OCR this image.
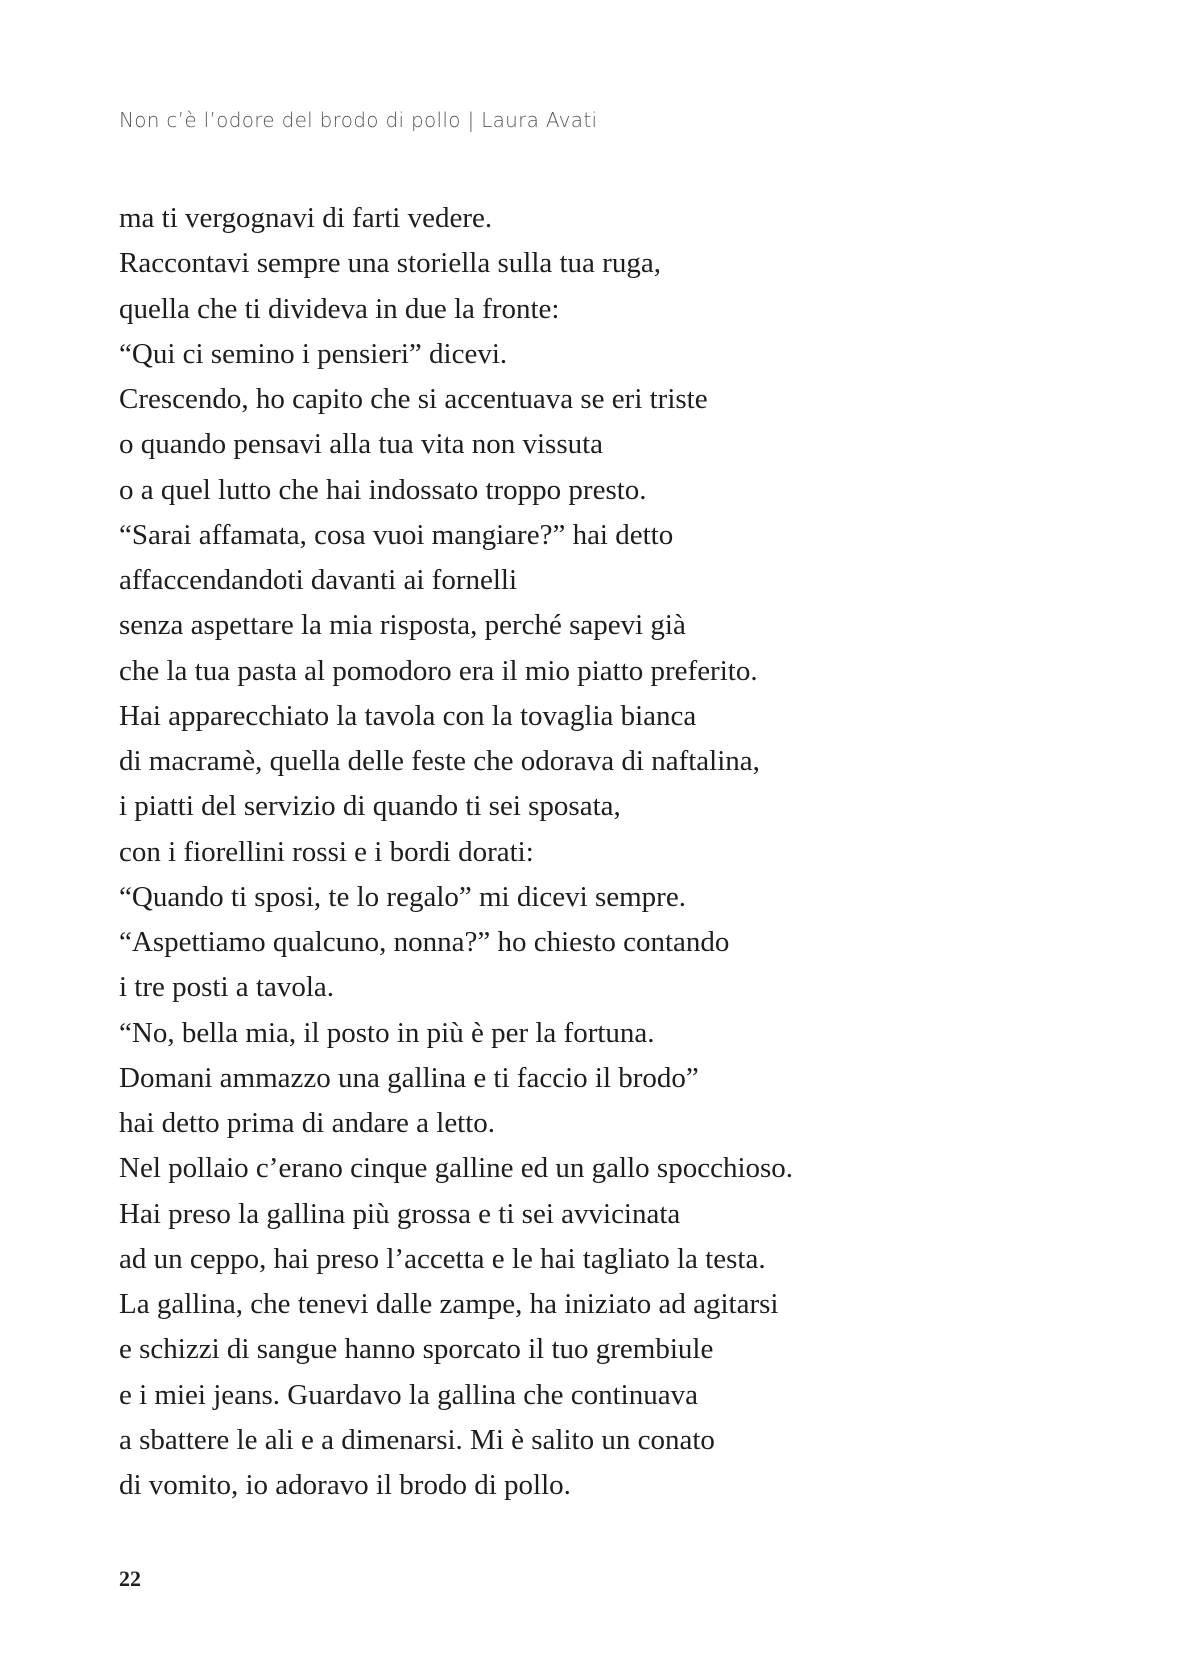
Non c’è l’odore del brodo di pollo | Laura Avati
ma ti vergognavi di farti vedere.
Raccontavi sempre una storiella sulla tua ruga,
quella che ti divideva in due la fronte:
“Qui ci semino i pensieri” dicevi.
Crescendo, ho capito che si accentuava se eri triste
o quando pensavi alla tua vita non vissuta
o a quel lutto che hai indossato troppo presto.
“Sarai affamata, cosa vuoi mangiare?” hai detto
affaccendandoti davanti ai fornelli
senza aspettare la mia risposta, perché sapevi già
che la tua pasta al pomodoro era il mio piatto preferito.
Hai apparecchiato la tavola con la tovaglia bianca
di macramè, quella delle feste che odorava di naftalina,
i piatti del servizio di quando ti sei sposata,
con i fiorellini rossi e i bordi dorati:
“Quando ti sposi, te lo regalo” mi dicevi sempre.
“Aspettiamo qualcuno, nonna?” ho chiesto contando
i tre posti a tavola.
“No, bella mia, il posto in più è per la fortuna.
Domani ammazzo una gallina e ti faccio il brodo”
hai detto prima di andare a letto.
Nel pollaio c’erano cinque galline ed un gallo spocchioso.
Hai preso la gallina più grossa e ti sei avvicinata
ad un ceppo, hai preso l’accetta e le hai tagliato la testa.
La gallina, che tenevi dalle zampe, ha iniziato ad agitarsi
e schizzi di sangue hanno sporcato il tuo grembiule
e i miei jeans. Guardavo la gallina che continuava
a sbattere le ali e a dimenarsi. Mi è salito un conato
di vomito, io adoravo il brodo di pollo.
22
